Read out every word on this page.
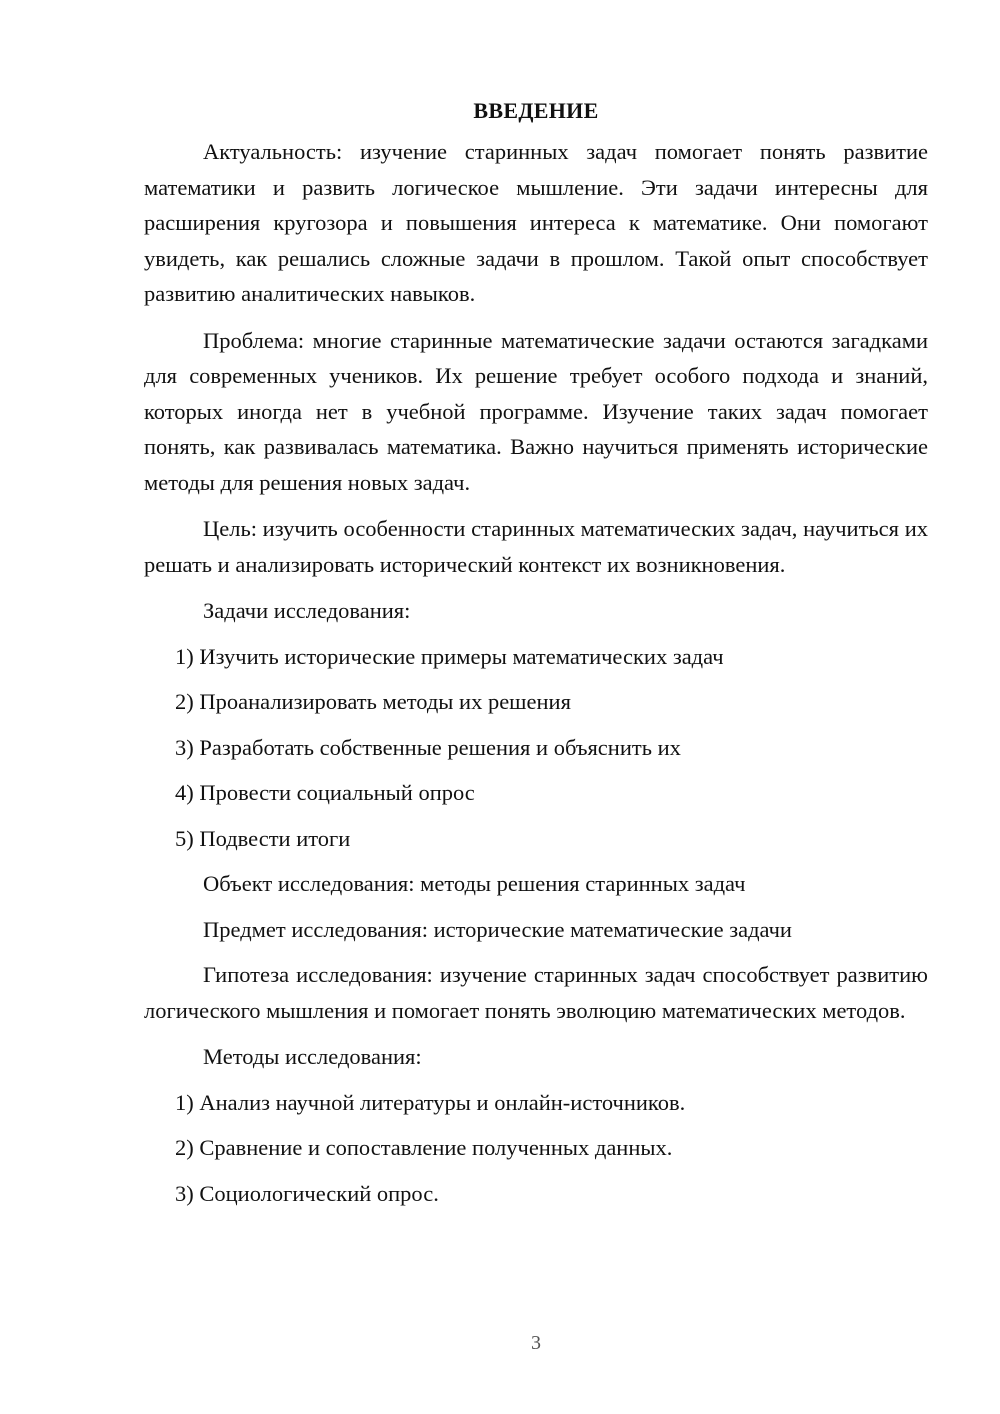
ВВЕДЕНИЕ

Актуальность: изучение старинных задач помогает понять развитие математики и развить логическое мышление. Эти задачи интересны для расширения кругозора и повышения интереса к математике. Они помогают увидеть, как решались сложные задачи в прошлом. Такой опыт способствует развитию аналитических навыков.

Проблема: многие старинные математические задачи остаются загадками для современных учеников. Их решение требует особого подхода и знаний, которых иногда нет в учебной программе. Изучение таких задач помогает понять, как развивалась математика. Важно научиться применять исторические методы для решения новых задач.

Цель: изучить особенности старинных математических задач, научиться их решать и анализировать исторический контекст их возникновения.

Задачи исследования:
1) Изучить исторические примеры математических задач
2) Проанализировать методы их решения
3) Разработать собственные решения и объяснить их
4) Провести социальный опрос
5) Подвести итоги
Объект исследования: методы решения старинных задач
Предмет исследования: исторические математические задачи

Гипотеза исследования: изучение старинных задач способствует развитию логического мышления и помогает понять эволюцию математических методов.

Методы исследования:
1) Анализ научной литературы и онлайн-источников.
2) Сравнение и сопоставление полученных данных.
3) Социологический опрос.
3
